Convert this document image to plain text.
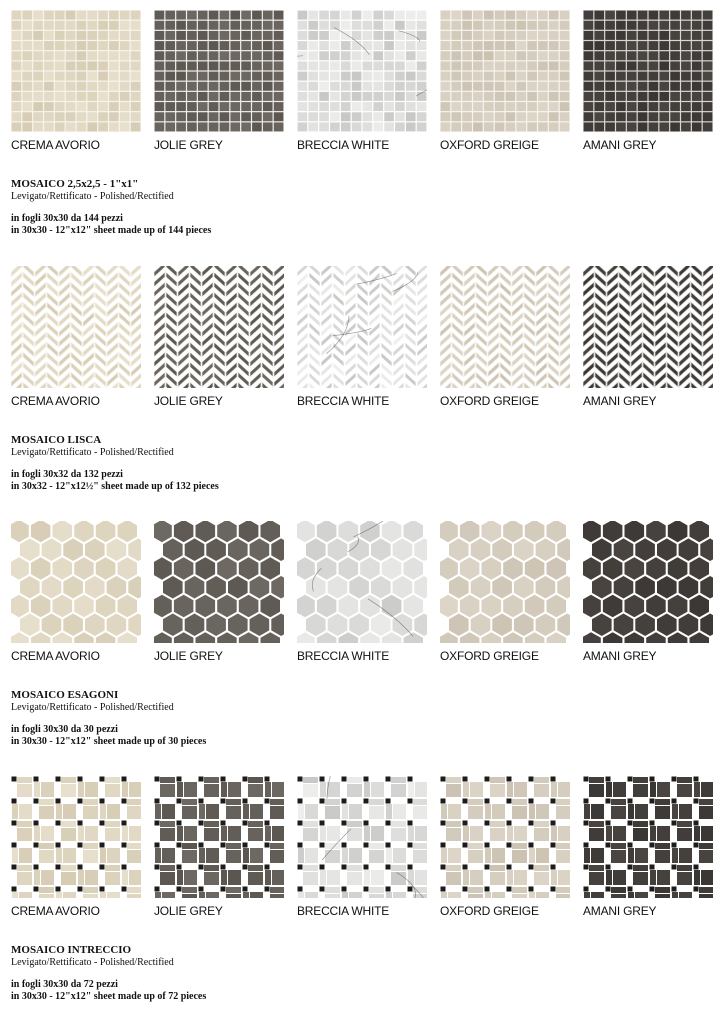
CREMA AVORIO	JOLIE GREY	BRECCIA WHITE	OXFORD GREIGE	AMANI GREY
MOSAICO 2,5x2,5 - 1"x1"
Levigato/Rettificato - Polished/Rectified
in fogli 30x30 da 144 pezzi
in 30x30 - 12"x12" sheet made up of 144 pieces
CREMA AVORIO	JOLIE GREY	BRECCIA WHITE	OXFORD GREIGE	AMANI GREY
MOSAICO LISCA
Levigato/Rettificato - Polished/Rectified
in fogli 30x32 da 132 pezzi
in 30x32 - 12"x12½" sheet made up of 132 pieces
CREMA AVORIO	JOLIE GREY	BRECCIA WHITE	OXFORD GREIGE	AMANI GREY
MOSAICO ESAGONI
Levigato/Rettificato - Polished/Rectified
in fogli 30x30 da 30 pezzi
in 30x30 - 12"x12" sheet made up of 30 pieces
CREMA AVORIO	JOLIE GREY	BRECCIA WHITE	OXFORD GREIGE	AMANI GREY
MOSAICO INTRECCIO
Levigato/Rettificato - Polished/Rectified
in fogli 30x30 da 72 pezzi
in 30x30 - 12"x12" sheet made up of 72 pieces
